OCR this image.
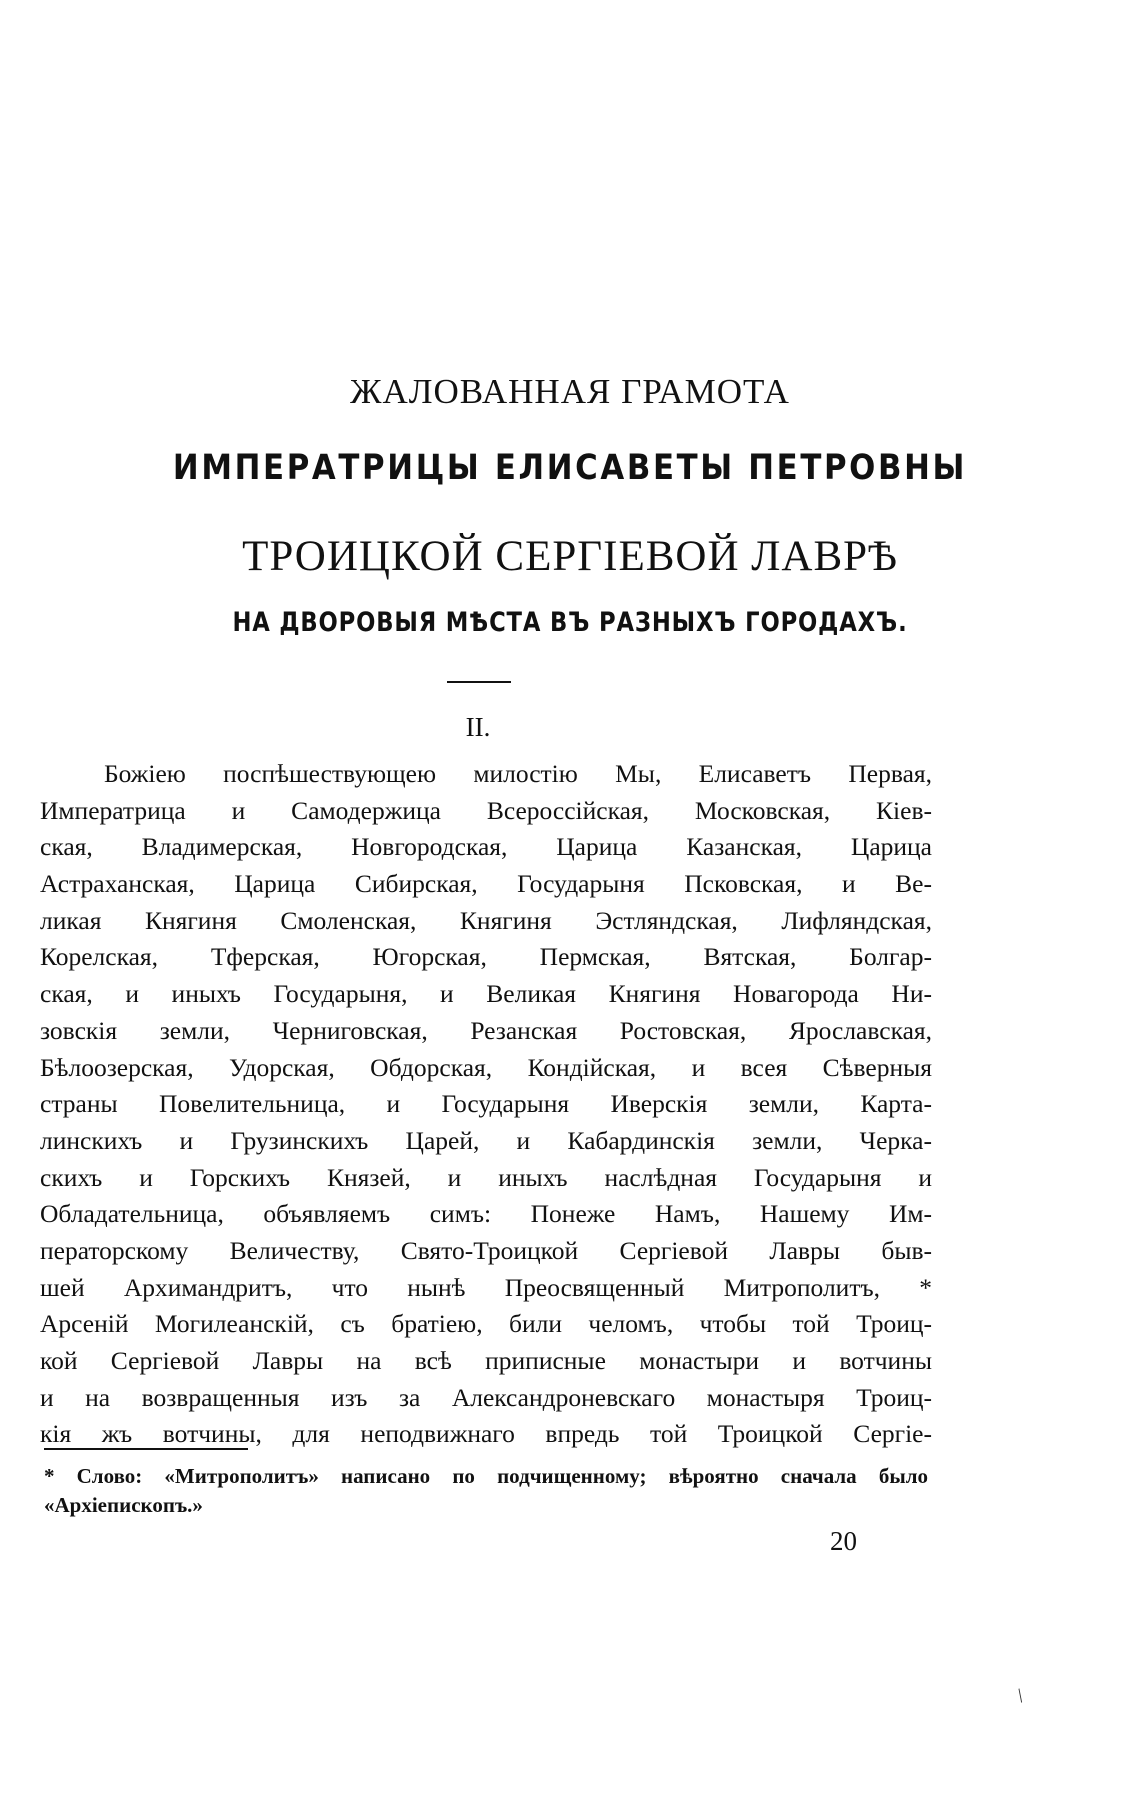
ЖАЛОВАННАЯ ГРАМОТА
ИМПЕРАТРИЦЫ ЕЛИСАВЕТЫ ПЕТРОВНЫ
ТРОИЦКОЙ СЕРГІЕВОЙ ЛАВРѢ
НА ДВОРОВЫЯ МѢСТА ВЪ РАЗНЫХЪ ГОРОДАХЪ.
II.
Божіею поспѣшествующею милостію Мы, Елисаветъ Первая,
Императрица и Самодержица Всероссійская, Московская, Кіев-
ская, Владимерская, Новгородская, Царица Казанская, Царица
Астраханская, Царица Сибирская, Государыня Псковская, и Ве-
ликая Княгиня Смоленская, Княгиня Эстляндская, Лифляндская,
Корелская, Тферская, Югорская, Пермская, Вятская, Болгар-
ская, и иныхъ Государыня, и Великая Княгиня Новагорода Ни-
зовскія земли, Черниговская, Резанская Ростовская, Ярославская,
Бѣлоозерская, Удорская, Обдорская, Кондійская, и всея Сѣверныя
страны Повелительница, и Государыня Иверскія земли, Карта-
линскихъ и Грузинскихъ Царей, и Кабардинскія земли, Черка-
скихъ и Горскихъ Князей, и иныхъ наслѣдная Государыня и
Обладательница, объявляемъ симъ: Понеже Намъ, Нашему Им-
ператорскому Величеству, Свято-Троицкой Сергіевой Лавры быв-
шей Архимандритъ, что нынѣ Преосвященный Митрополитъ, *
Арсеній Могилеанскій, съ братіею, били челомъ, чтобы той Троиц-
кой Сергіевой Лавры на всѣ приписные монастыри и вотчины
и на возвращенныя изъ за Александроневскаго монастыря Троиц-
кія жъ вотчины, для неподвижнаго впредь той Троицкой Сергіе-
* Слово: «Митрополитъ» написано по подчищенному; вѣроятно сначала было
«Архіепископъ.»
20
/
